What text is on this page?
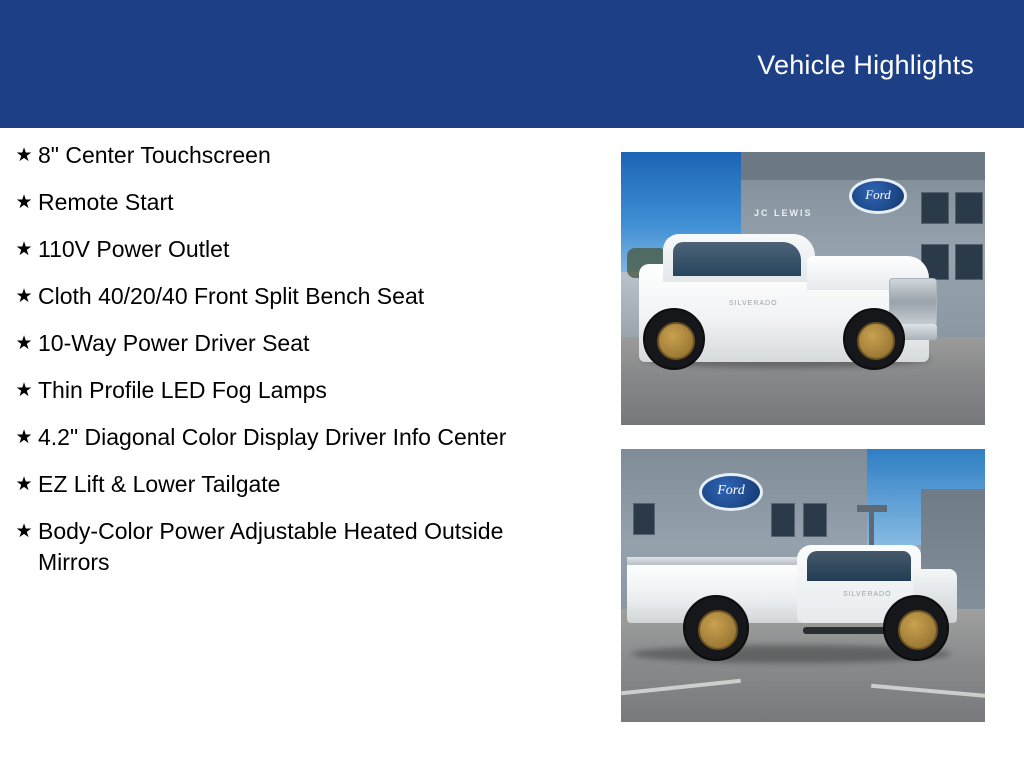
Vehicle Highlights
★ 8" Center Touchscreen
★ Remote Start
★ 110V Power Outlet
★ Cloth 40/20/40 Front Split Bench Seat
★ 10-Way Power Driver Seat
★ Thin Profile LED Fog Lamps
★ 4.2" Diagonal Color Display Driver Info Center
★ EZ Lift & Lower Tailgate
★ Body-Color Power Adjustable Heated Outside Mirrors
Ford
JC LEWIS
SILVERADO
Ford
SILVERADO
